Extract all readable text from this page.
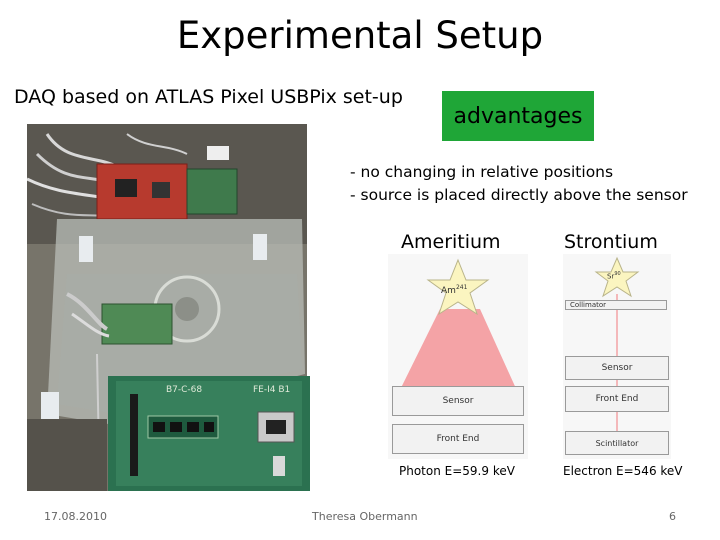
Experimental Setup
DAQ based on ATLAS Pixel USBPix set-up
advantages
- no changing in relative positions
- source is placed directly above the sensor
B7-C-68	FE-I4 B1
Ameritium	Strontium
Am$^{241}$
Sensor
Front End
Sr$^{90}$
Collimator
Sensor
Front End
Scintillator
Photon E=59.9 keV	Electron E=546 keV
17.08.2010	Theresa Obermann	6
